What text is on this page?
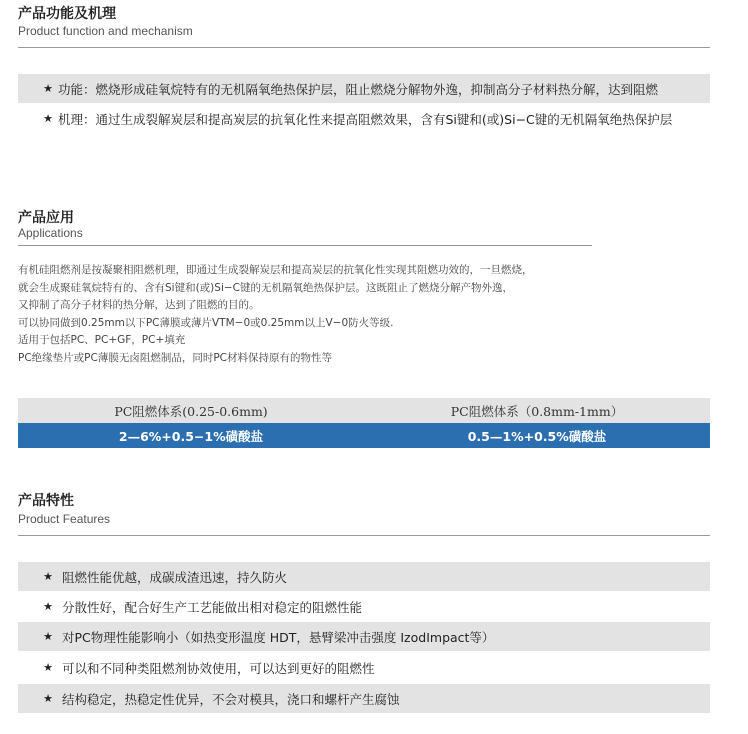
产品功能及机理
Product function and mechanism
★ 功能：燃烧形成硅氧烷特有的无机隔氧绝热保护层，阻止燃烧分解物外逸，抑制高分子材料热分解，达到阻燃
★ 机理：通过生成裂解炭层和提高炭层的抗氧化性来提高阻燃效果，含有Si键和(或)Si−C键的无机隔氧绝热保护层
产品应用
Applications
有机硅阻燃剂是按凝聚相阻燃机理，即通过生成裂解炭层和提高炭层的抗氧化性实现其阻燃功效的，一旦燃烧，
就会生成聚硅氧烷特有的、含有Si键和(或)Si−C键的无机隔氧绝热保护层。这既阻止了燃烧分解产物外逸，
又抑制了高分子材料的热分解，达到了阻燃的目的。
可以协同做到0.25mm以下PC薄膜或薄片VTM−0或0.25mm以上V−0防火等级.
适用于包括PC、PC+GF，PC+填充
PC绝缘垫片或PC薄膜无卤阻燃制品，同时PC材料保持原有的物性等
PC阻燃体系(0.25-0.6mm)	PC阻燃体系（0.8mm-1mm）
2—6%+0.5−1%磺酸盐	0.5—1%+0.5%磺酸盐
产品特性
Product Features
★ 阻燃性能优越，成碳成渣迅速，持久防火
★ 分散性好，配合好生产工艺能做出相对稳定的阻燃性能
★ 对PC物理性能影响小（如热变形温度 HDT，悬臂梁冲击强度 IzodImpact等）
★ 可以和不同种类阻燃剂协效使用，可以达到更好的阻燃性
★ 结构稳定，热稳定性优异，不会对模具，浇口和螺杆产生腐蚀
